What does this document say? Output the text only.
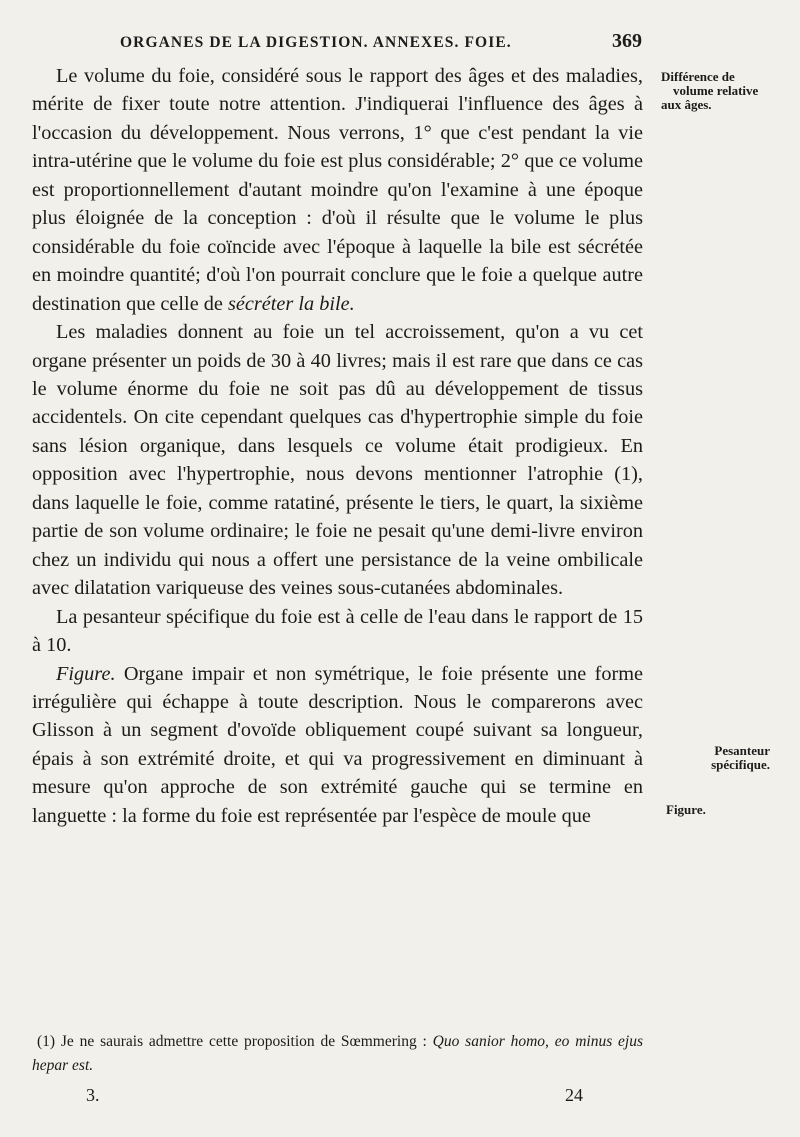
ORGANES DE LA DIGESTION. ANNEXES. FOIE.	369

Le volume du foie, considéré sous le rapport des âges et des maladies, mérite de fixer toute notre attention. J'indiquerai l'influence des âges à l'occasion du développement. Nous verrons, 1° que c'est pendant la vie intra-utérine que le volume du foie est plus considérable; 2° que ce volume est proportionnellement d'autant moindre qu'on l'examine à une époque plus éloignée de la conception : d'où il résulte que le volume le plus considérable du foie coïncide avec l'époque à laquelle la bile est sécrétée en moindre quantité; d'où l'on pourrait conclure que le foie a quelque autre destination que celle de sécréter la bile.

Les maladies donnent au foie un tel accroissement, qu'on a vu cet organe présenter un poids de 30 à 40 livres; mais il est rare que dans ce cas le volume énorme du foie ne soit pas dû au développement de tissus accidentels. On cite cependant quelques cas d'hypertrophie simple du foie sans lésion organique, dans lesquels ce volume était prodigieux. En opposition avec l'hypertrophie, nous devons mentionner l'atrophie (1), dans laquelle le foie, comme ratatiné, présente le tiers, le quart, la sixième partie de son volume ordinaire; le foie ne pesait qu'une demi-livre environ chez un individu qui nous a offert une persistance de la veine ombilicale avec dilatation variqueuse des veines sous-cutanées abdominales.

La pesanteur spécifique du foie est à celle de l'eau dans le rapport de 15 à 10.

Figure. Organe impair et non symétrique, le foie présente une forme irrégulière qui échappe à toute description. Nous le comparerons avec Glisson à un segment d'ovoïde obliquement coupé suivant sa longueur, épais à son extrémité droite, et qui va progressivement en diminuant à mesure qu'on approche de son extrémité gauche qui se termine en languette : la forme du foie est représentée par l'espèce de moule que

Différence de
volume relative
aux âges.
Pesanteur
spécifique.
Figure.

(1) Je ne saurais admettre cette proposition de Sœmmering : Quo sanior homo, eo minus ejus hepar est.

3.	24
